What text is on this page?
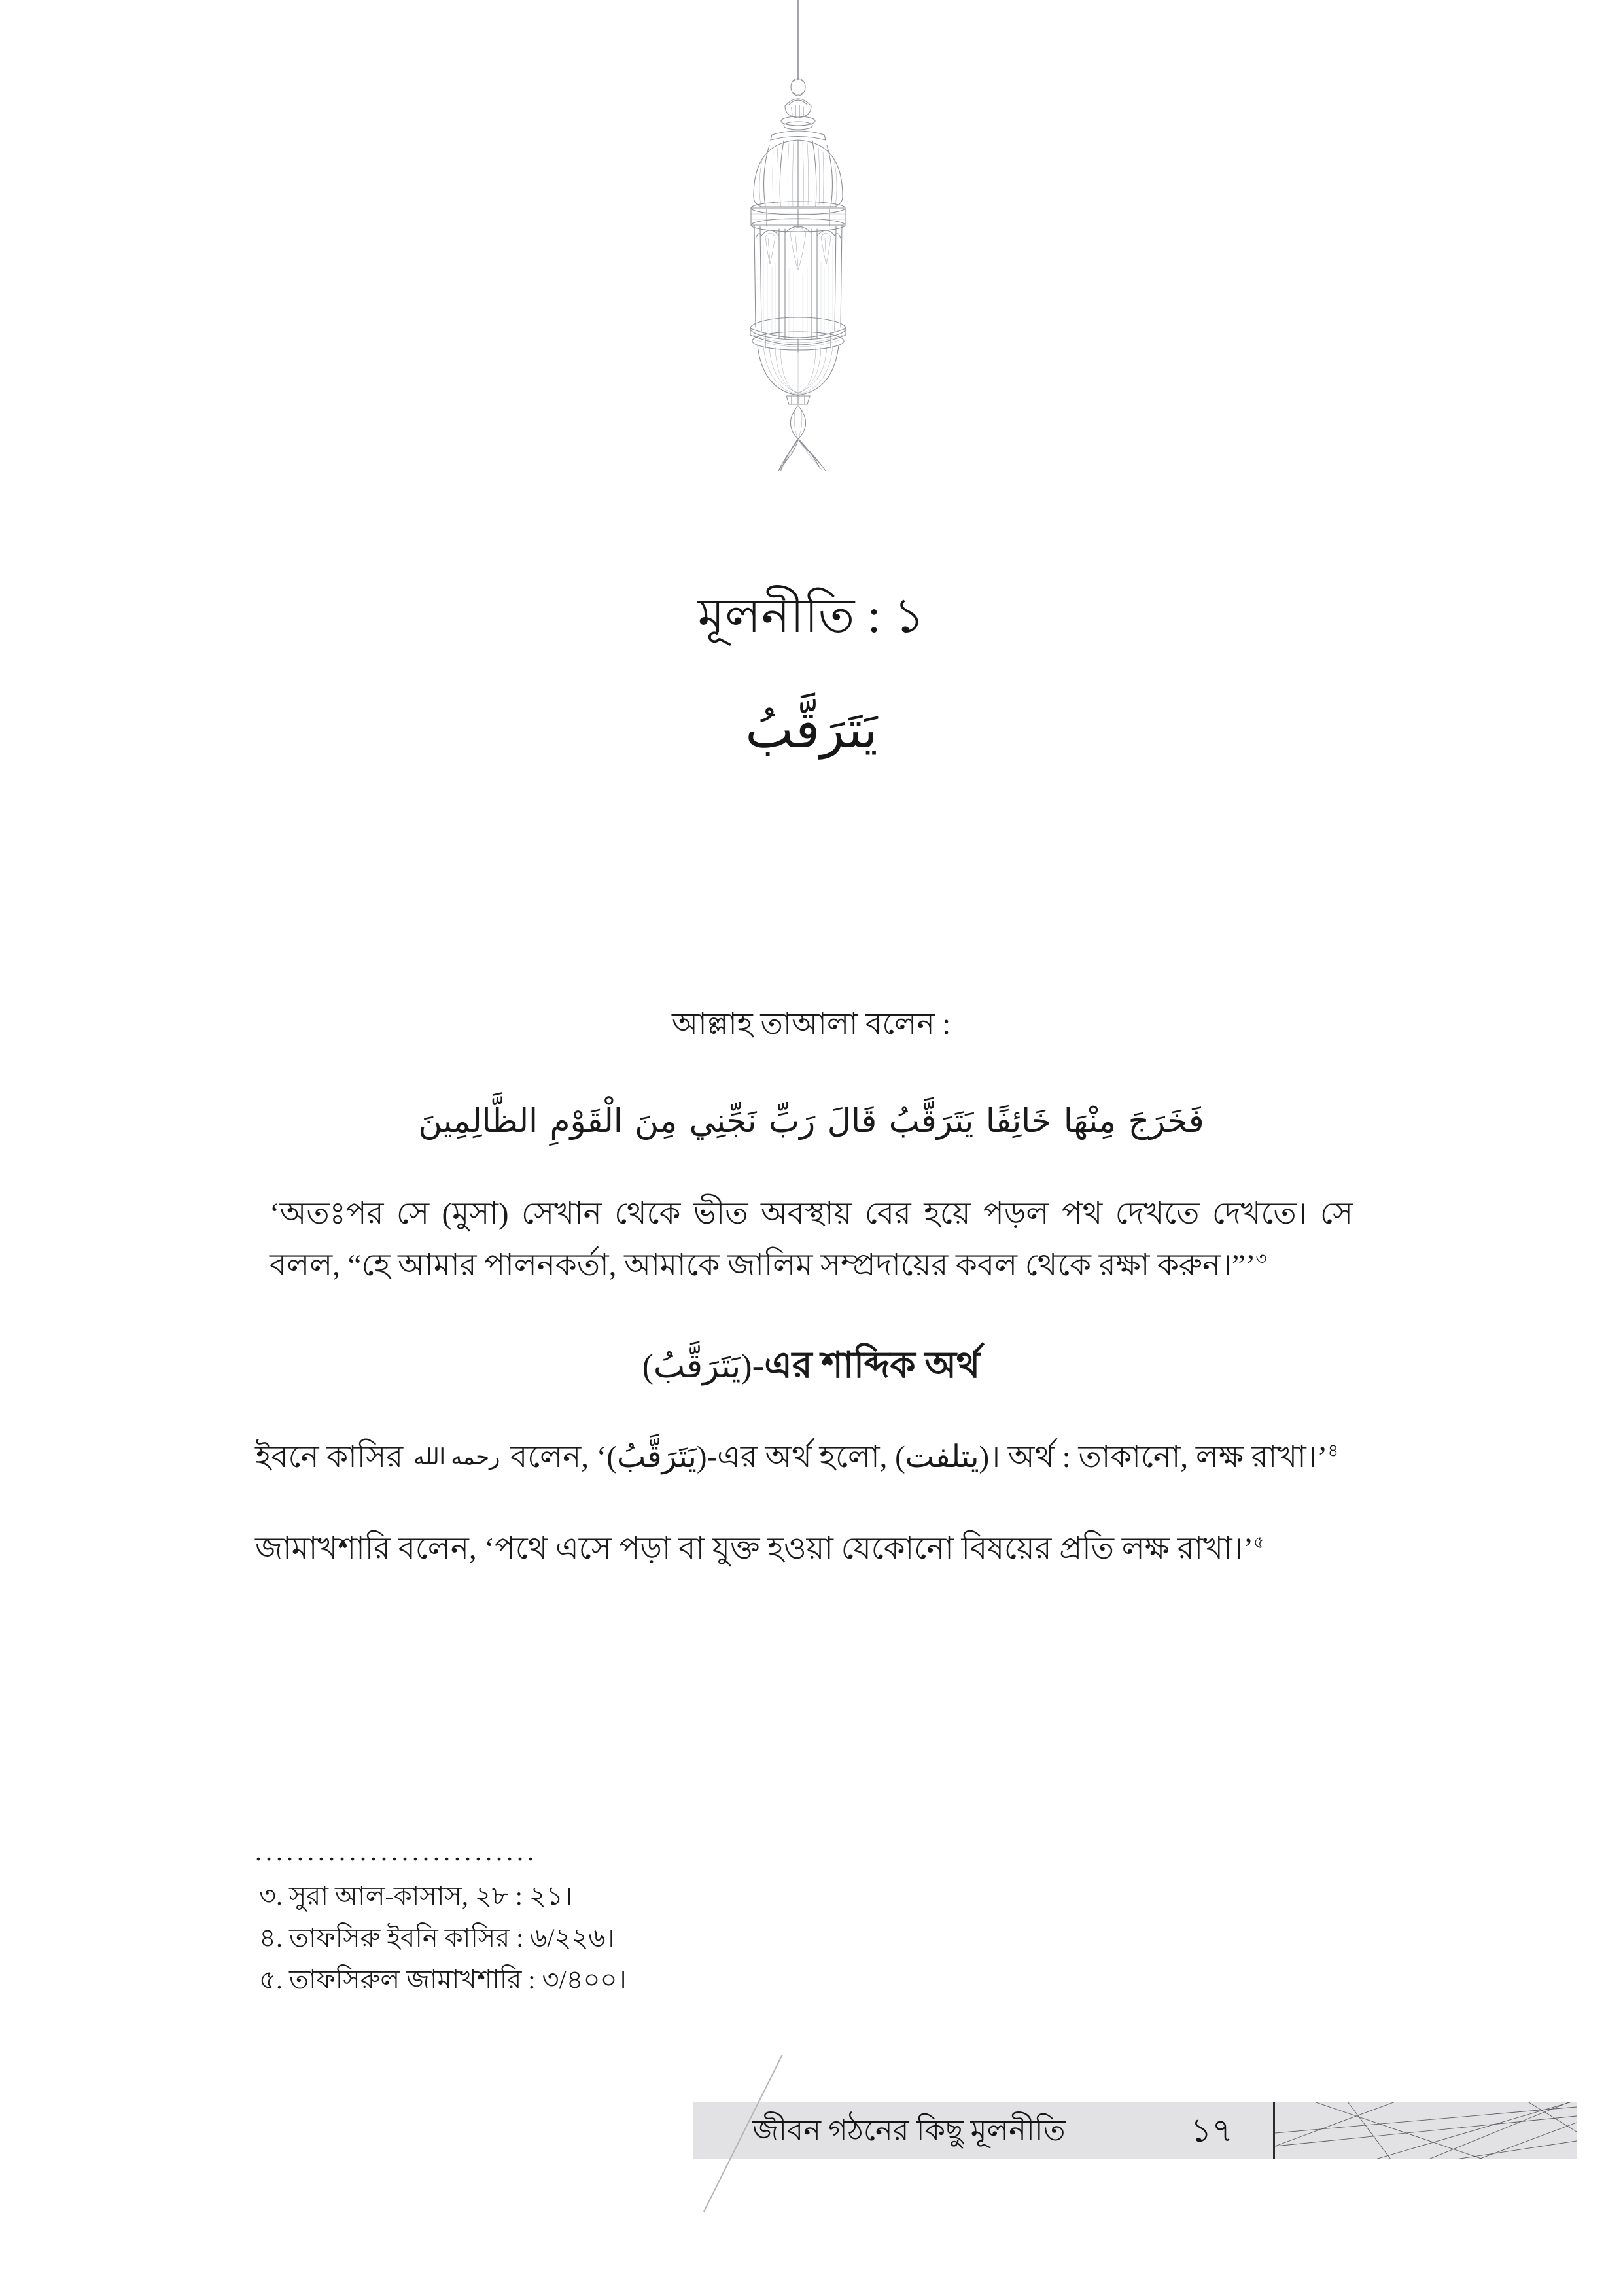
মূলনীতি : ১
يَتَرَقَّبُ

আল্লাহ তাআলা বলেন :

فَخَرَجَ مِنْهَا خَائِفًا يَتَرَقَّبُ قَالَ رَبِّ نَجِّنِي مِنَ الْقَوْمِ الظَّالِمِينَ

‘অতঃপর সে (মুসা) সেখান থেকে ভীত অবস্থায় বের হয়ে পড়ল পথ দেখতে দেখতে। সে বলল, “হে আমার পালনকর্তা, আমাকে জালিম সম্প্রদায়ের কবল থেকে রক্ষা করুন।”’$^৩$

(يَتَرَقَّبُ)-এর শাব্দিক অর্থ

ইবনে কাসির رحمه الله বলেন, ‘(يَتَرَقَّبُ)-এর অর্থ হলো, (يتلفت)। অর্থ : তাকানো, লক্ষ রাখা।’$^৪$

জামাখশারি বলেন, ‘পথে এসে পড়া বা যুক্ত হওয়া যেকোনো বিষয়ের প্রতি লক্ষ রাখা।’$^৫$

...........................

৩. সুরা আল-কাসাস, ২৮ : ২১।

৪. তাফসিরু ইবনি কাসির : ৬/২২৬।

৫. তাফসিরুল জামাখশারি : ৩/৪০০।

জীবন গঠনের কিছু মূলনীতি	১৭
